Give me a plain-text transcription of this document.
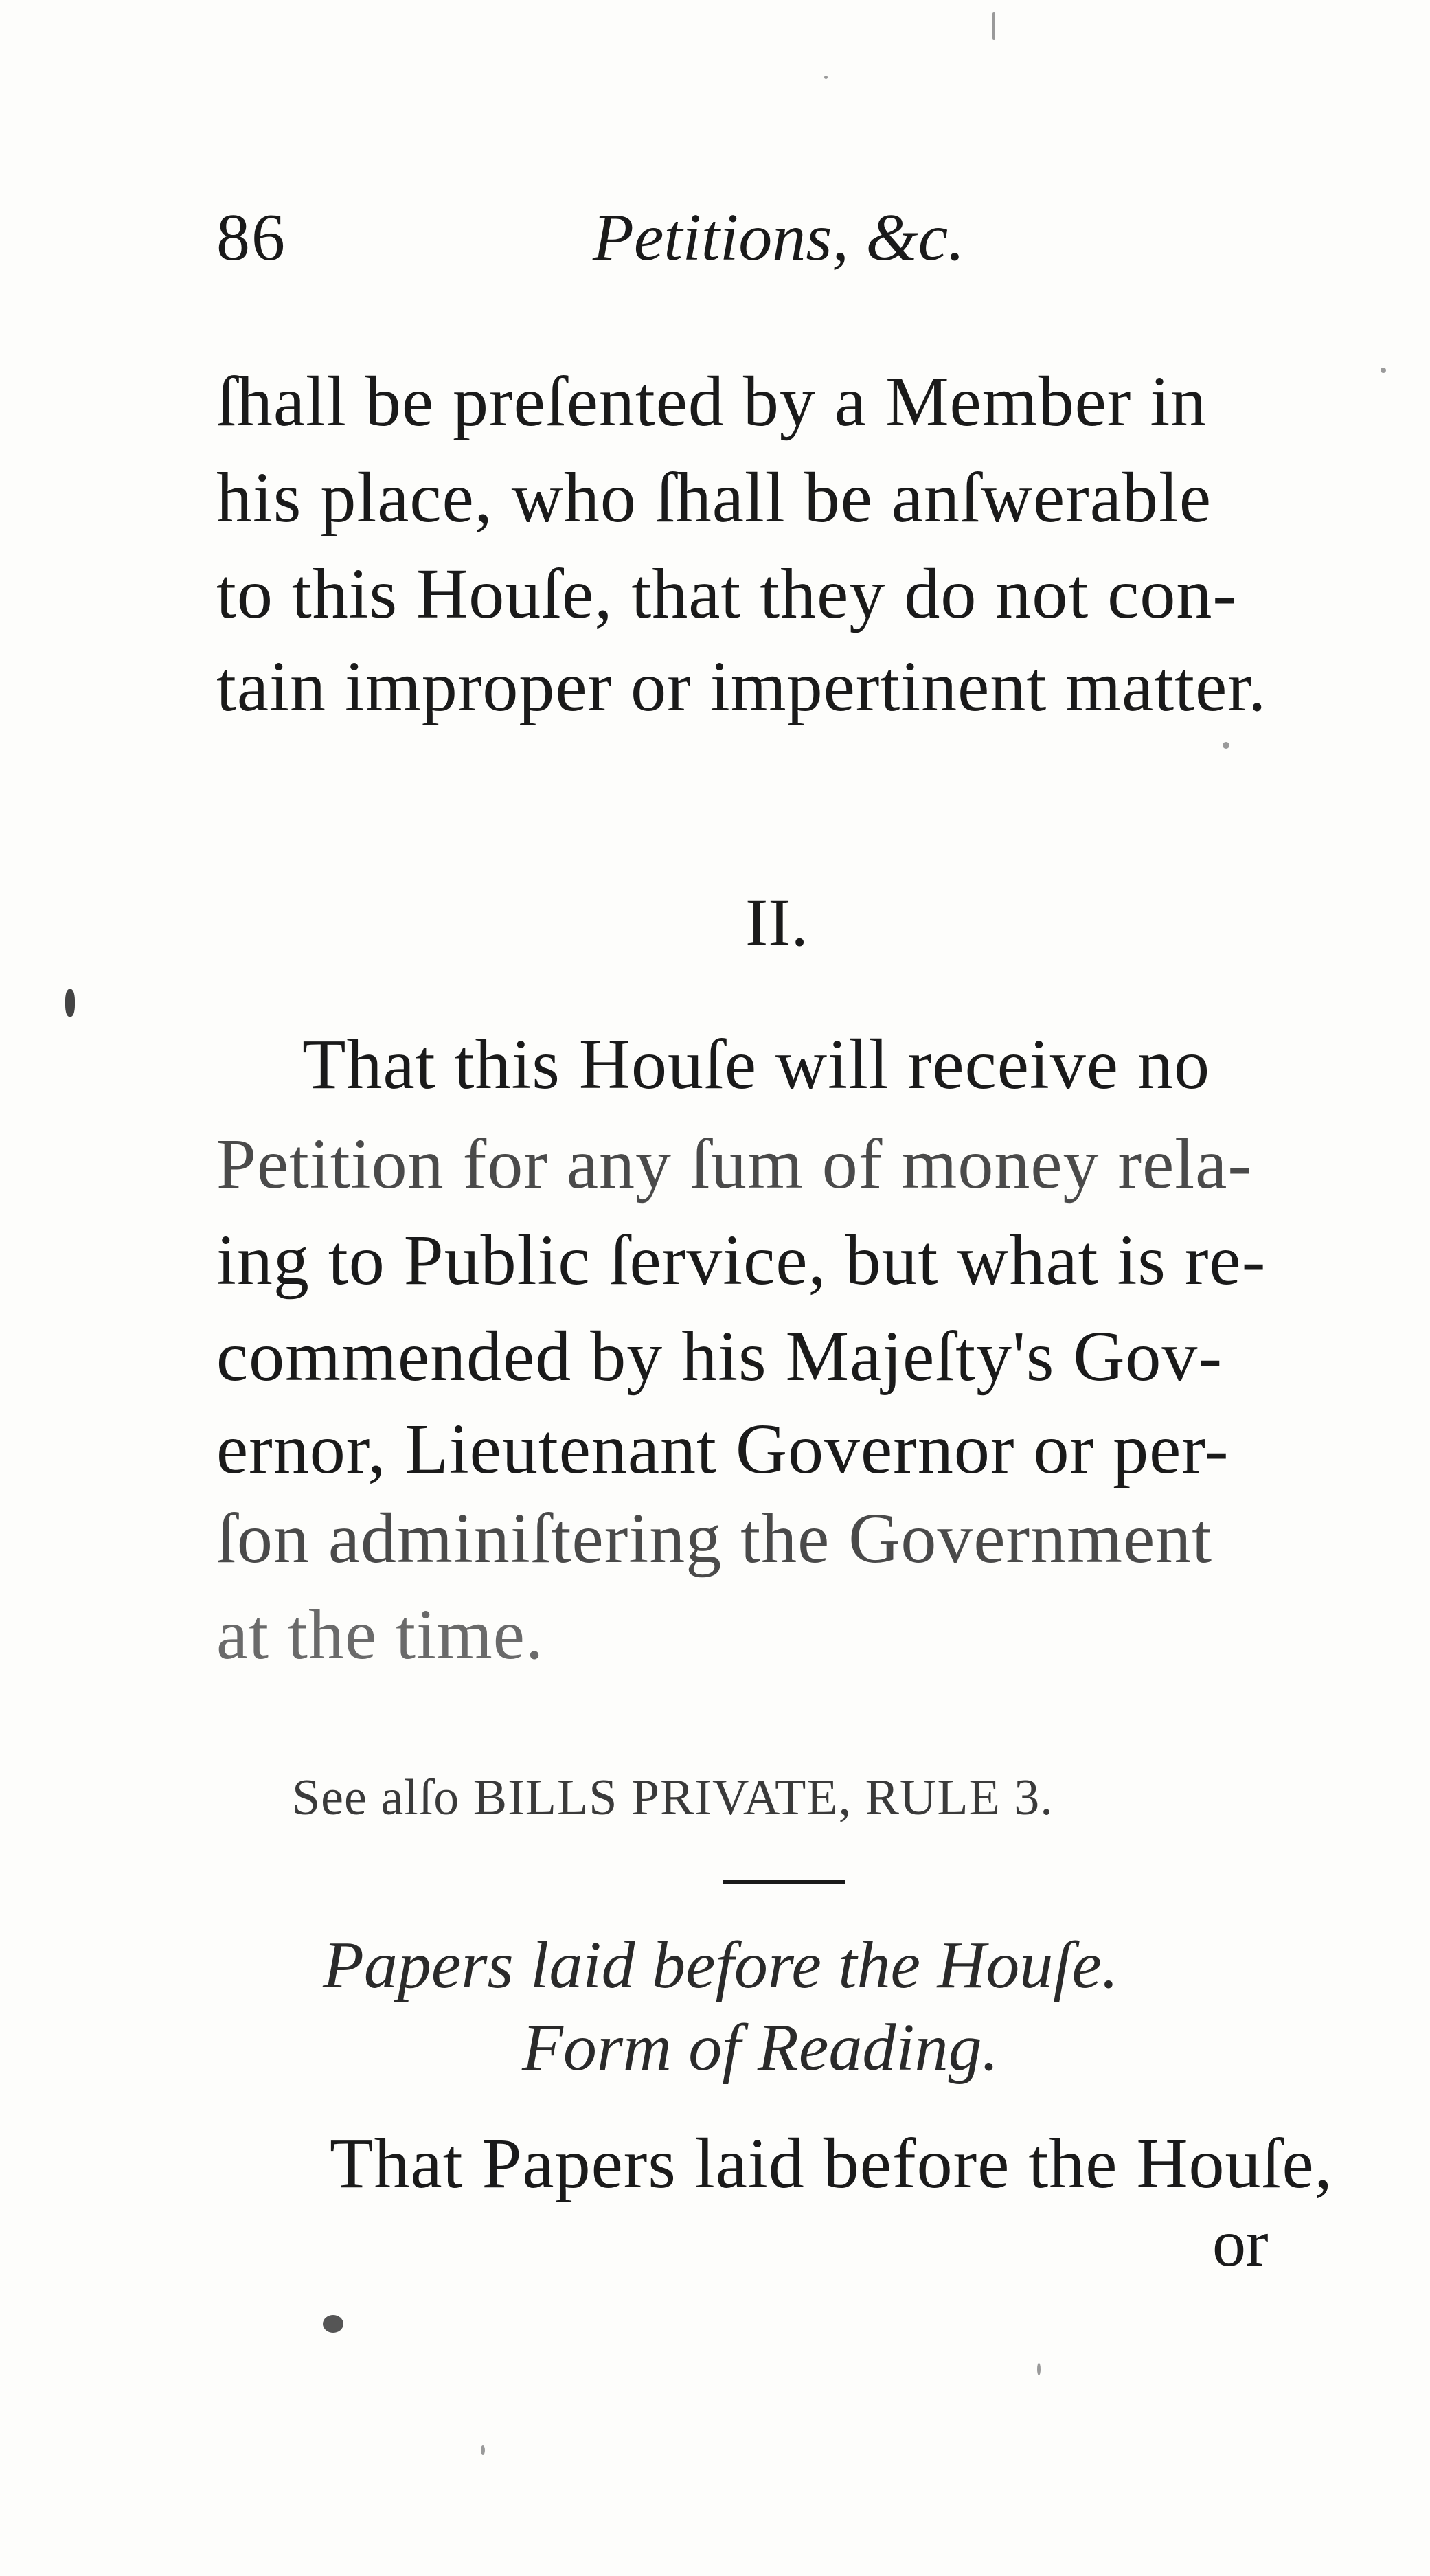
86	Petitions, &c.
ſhall be preſented by a Member in
his place, who ſhall be anſwerable
to this Houſe, that they do not con-
tain improper or impertinent matter.
II.
That this Houſe will receive no
Petition for any ſum of money rela-
ing to Public ſervice, but what is re-
commended by his Majeſty's Gov-
ernor, Lieutenant Governor or per-
ſon adminiſtering the Government
at the time.
See alſo BILLS PRIVATE, RULE 3.
Papers laid before the Houſe.
Form of Reading.
That Papers laid before the Houſe,
or
